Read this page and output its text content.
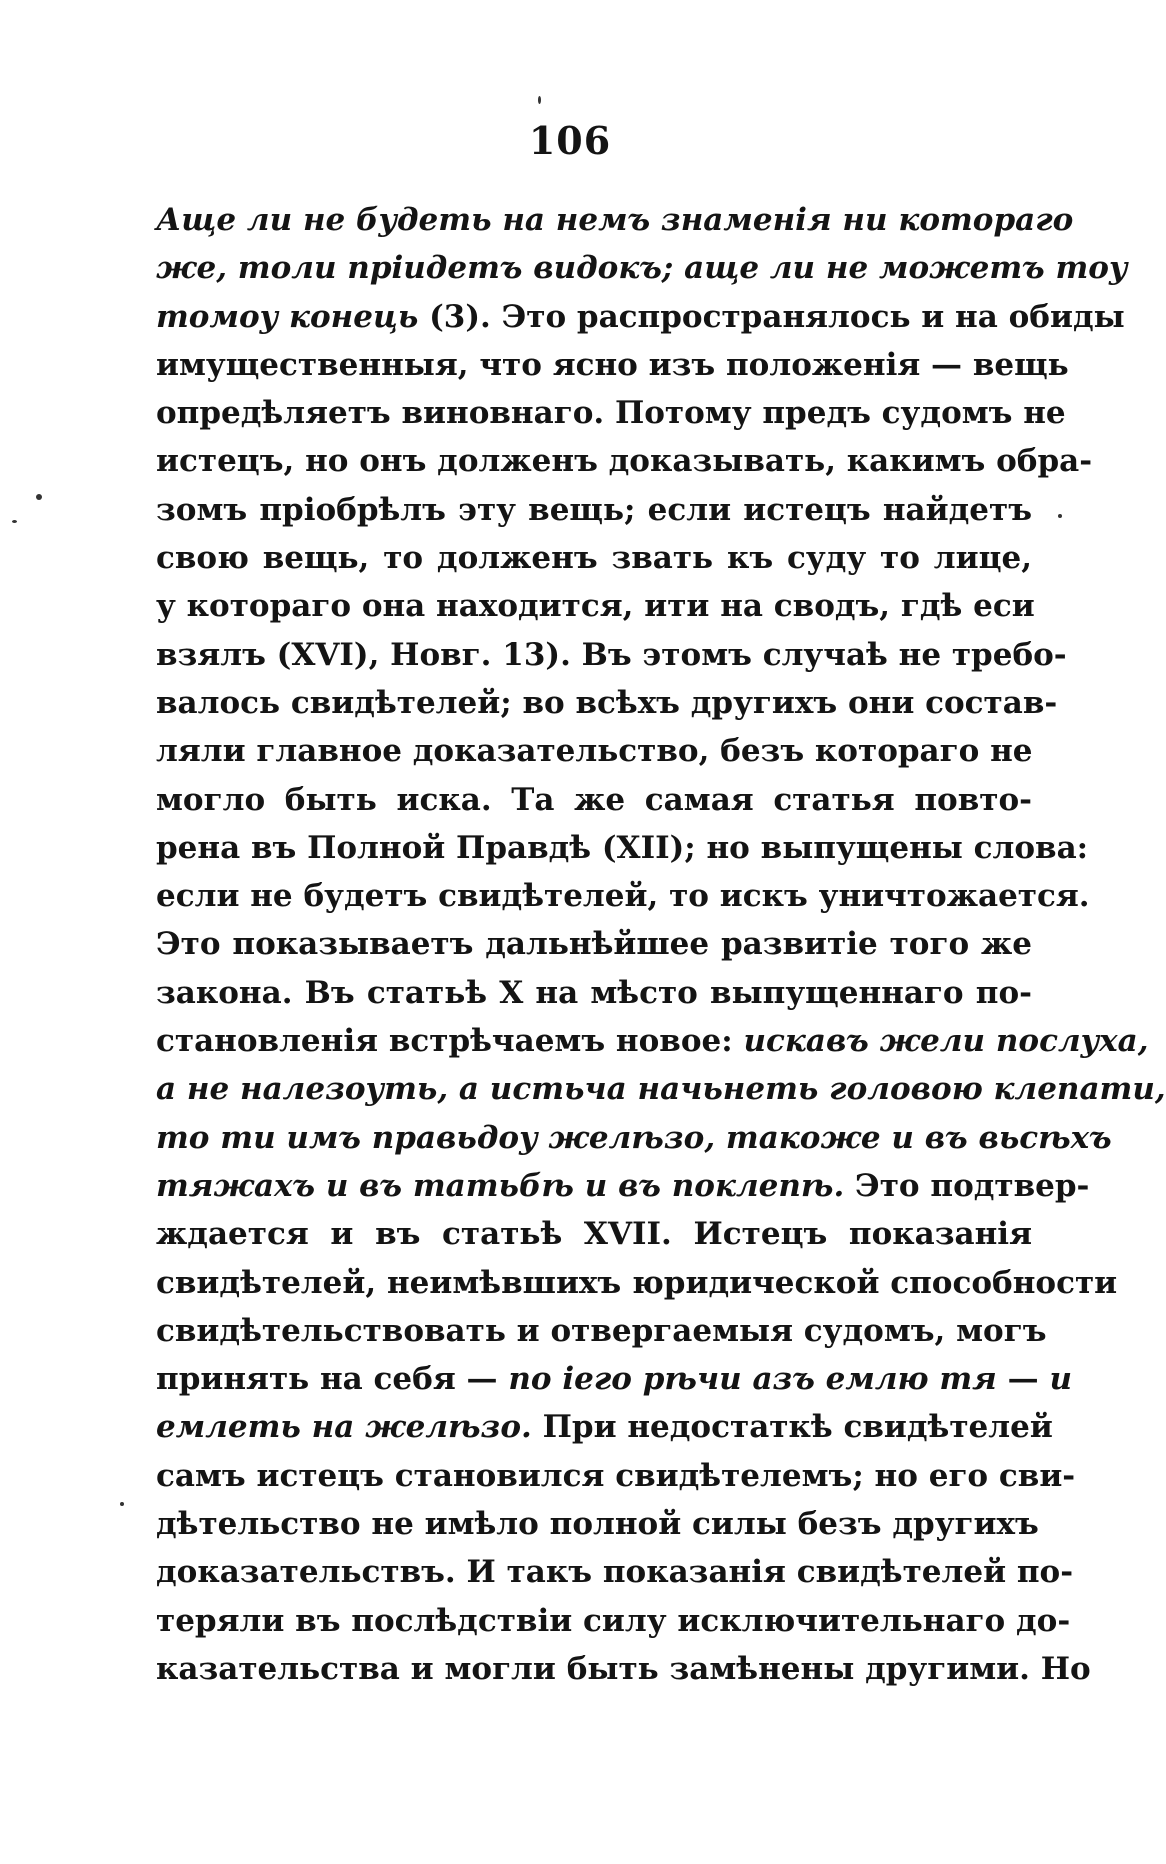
106
Аще ли не будеть на немъ знаменія ни котораго
же, толи пріидетъ видокъ; аще ли не можетъ тоу
томоу конець (3). Это распространялось и на обиды
имущественныя, что ясно изъ положенія — вещь
опредѣляетъ виновнаго. Потому предъ судомъ не
истецъ, но онъ долженъ доказывать, какимъ обра-
зомъ пріобрѣлъ эту вещь; если истецъ найдетъ
свою вещь, то долженъ звать къ суду то лице,
у котораго она находится, ити на сводъ, гдѣ еси
взялъ (XVI), Новг. 13). Въ этомъ случаѣ не требо-
валось свидѣтелей; во всѣхъ другихъ они состав-
ляли главное доказательство, безъ котораго не
могло быть иска. Та же самая статья повто-
рена въ Полной Правдѣ (XII); но выпущены слова:
если не будетъ свидѣтелей, то искъ уничтожается.
Это показываетъ дальнѣйшее развитіе того же
закона. Въ статьѣ X на мѣсто выпущеннаго по-
становленія встрѣчаемъ новое: искавъ жели послуха,
а не налезоуть, а истьча начьнеть головою клепати,
то ти имъ правьдоу желѣзо, такоже и въ вьсѣхъ
тяжахъ и въ татьбѣ и въ поклепѣ. Это подтвер-
ждается и въ статьѣ XVII. Истецъ показанія
свидѣтелей, неимѣвшихъ юридической способности
свидѣтельствовать и отвергаемыя судомъ, могъ
принять на себя — по іего рѣчи азъ емлю тя — и
емлеть на желѣзо. При недостаткѣ свидѣтелей
самъ истецъ становился свидѣтелемъ; но его сви-
дѣтельство не имѣло полной силы безъ другихъ
доказательствъ. И такъ показанія свидѣтелей по-
теряли въ послѣдствіи силу исключительнаго до-
казательства и могли быть замѣнены другими. Но
